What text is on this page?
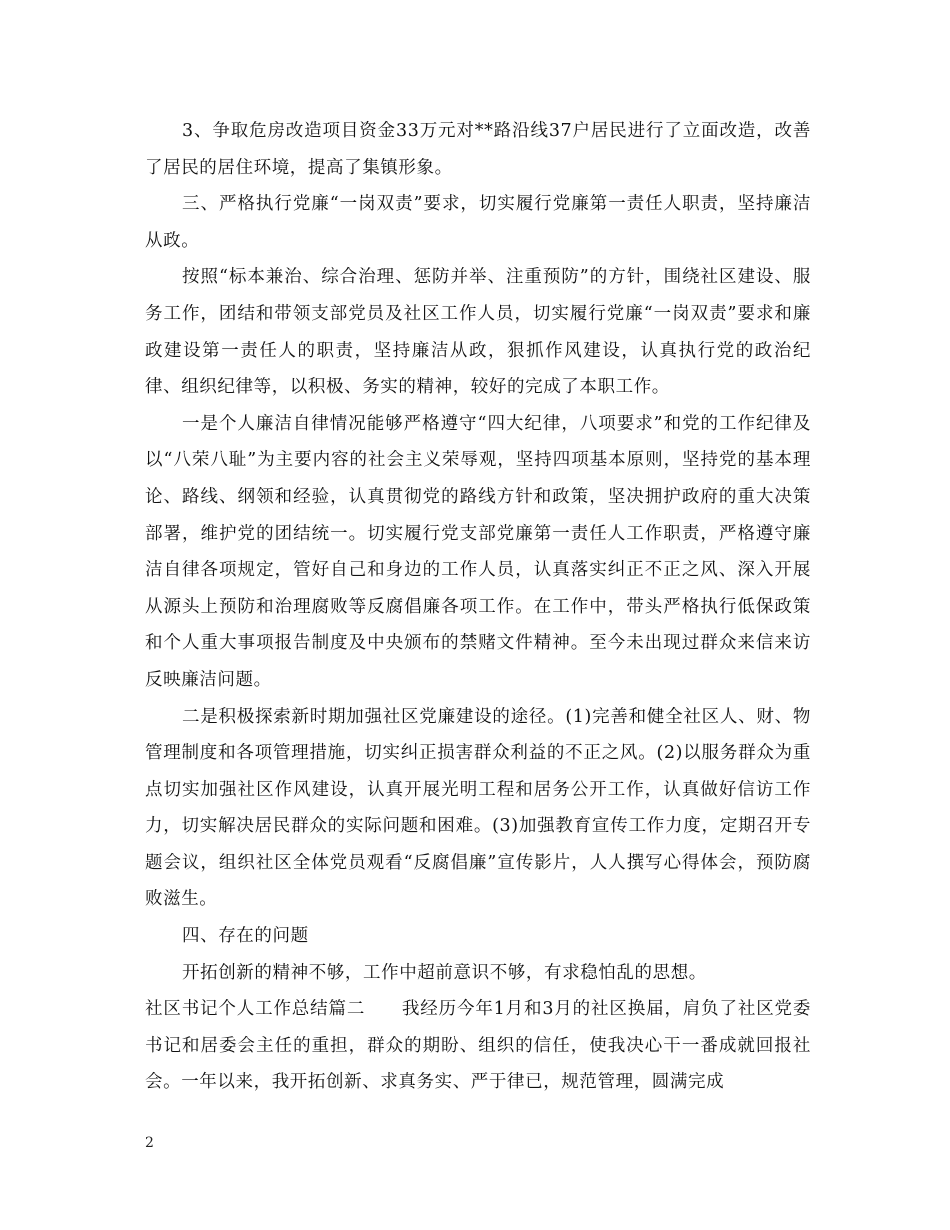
3、争取危房改造项目资金33万元对**路沿线37户居民进行了立面改造，改善了居民的居住环境，提高了集镇形象。

三、严格执行党廉“一岗双责”要求，切实履行党廉第一责任人职责，坚持廉洁从政。

按照“标本兼治、综合治理、惩防并举、注重预防”的方针，围绕社区建设、服务工作，团结和带领支部党员及社区工作人员，切实履行党廉“一岗双责”要求和廉政建设第一责任人的职责，坚持廉洁从政，狠抓作风建设，认真执行党的政治纪律、组织纪律等，以积极、务实的精神，较好的完成了本职工作。

一是个人廉洁自律情况能够严格遵守“四大纪律，八项要求”和党的工作纪律及以“八荣八耻”为主要内容的社会主义荣辱观，坚持四项基本原则，坚持党的基本理论、路线、纲领和经验，认真贯彻党的路线方针和政策，坚决拥护政府的重大决策部署，维护党的团结统一。切实履行党支部党廉第一责任人工作职责，严格遵守廉洁自律各项规定，管好自己和身边的工作人员，认真落实纠正不正之风、深入开展从源头上预防和治理腐败等反腐倡廉各项工作。在工作中，带头严格执行低保政策和个人重大事项报告制度及中央颁布的禁赌文件精神。至今未出现过群众来信来访反映廉洁问题。

二是积极探索新时期加强社区党廉建设的途径。(1)完善和健全社区人、财、物管理制度和各项管理措施，切实纠正损害群众利益的不正之风。(2)以服务群众为重点切实加强社区作风建设，认真开展光明工程和居务公开工作，认真做好信访工作力，切实解决居民群众的实际问题和困难。(3)加强教育宣传工作力度，定期召开专题会议，组织社区全体党员观看“反腐倡廉”宣传影片，人人撰写心得体会，预防腐败滋生。

四、存在的问题

开拓创新的精神不够，工作中超前意识不够，有求稳怕乱的思想。

社区书记个人工作总结篇二　　我经历今年1月和3月的社区换届，肩负了社区党委书记和居委会主任的重担，群众的期盼、组织的信任，使我决心干一番成就回报社会。一年以来，我开拓创新、求真务实、严于律已，规范管理，圆满完成

2
